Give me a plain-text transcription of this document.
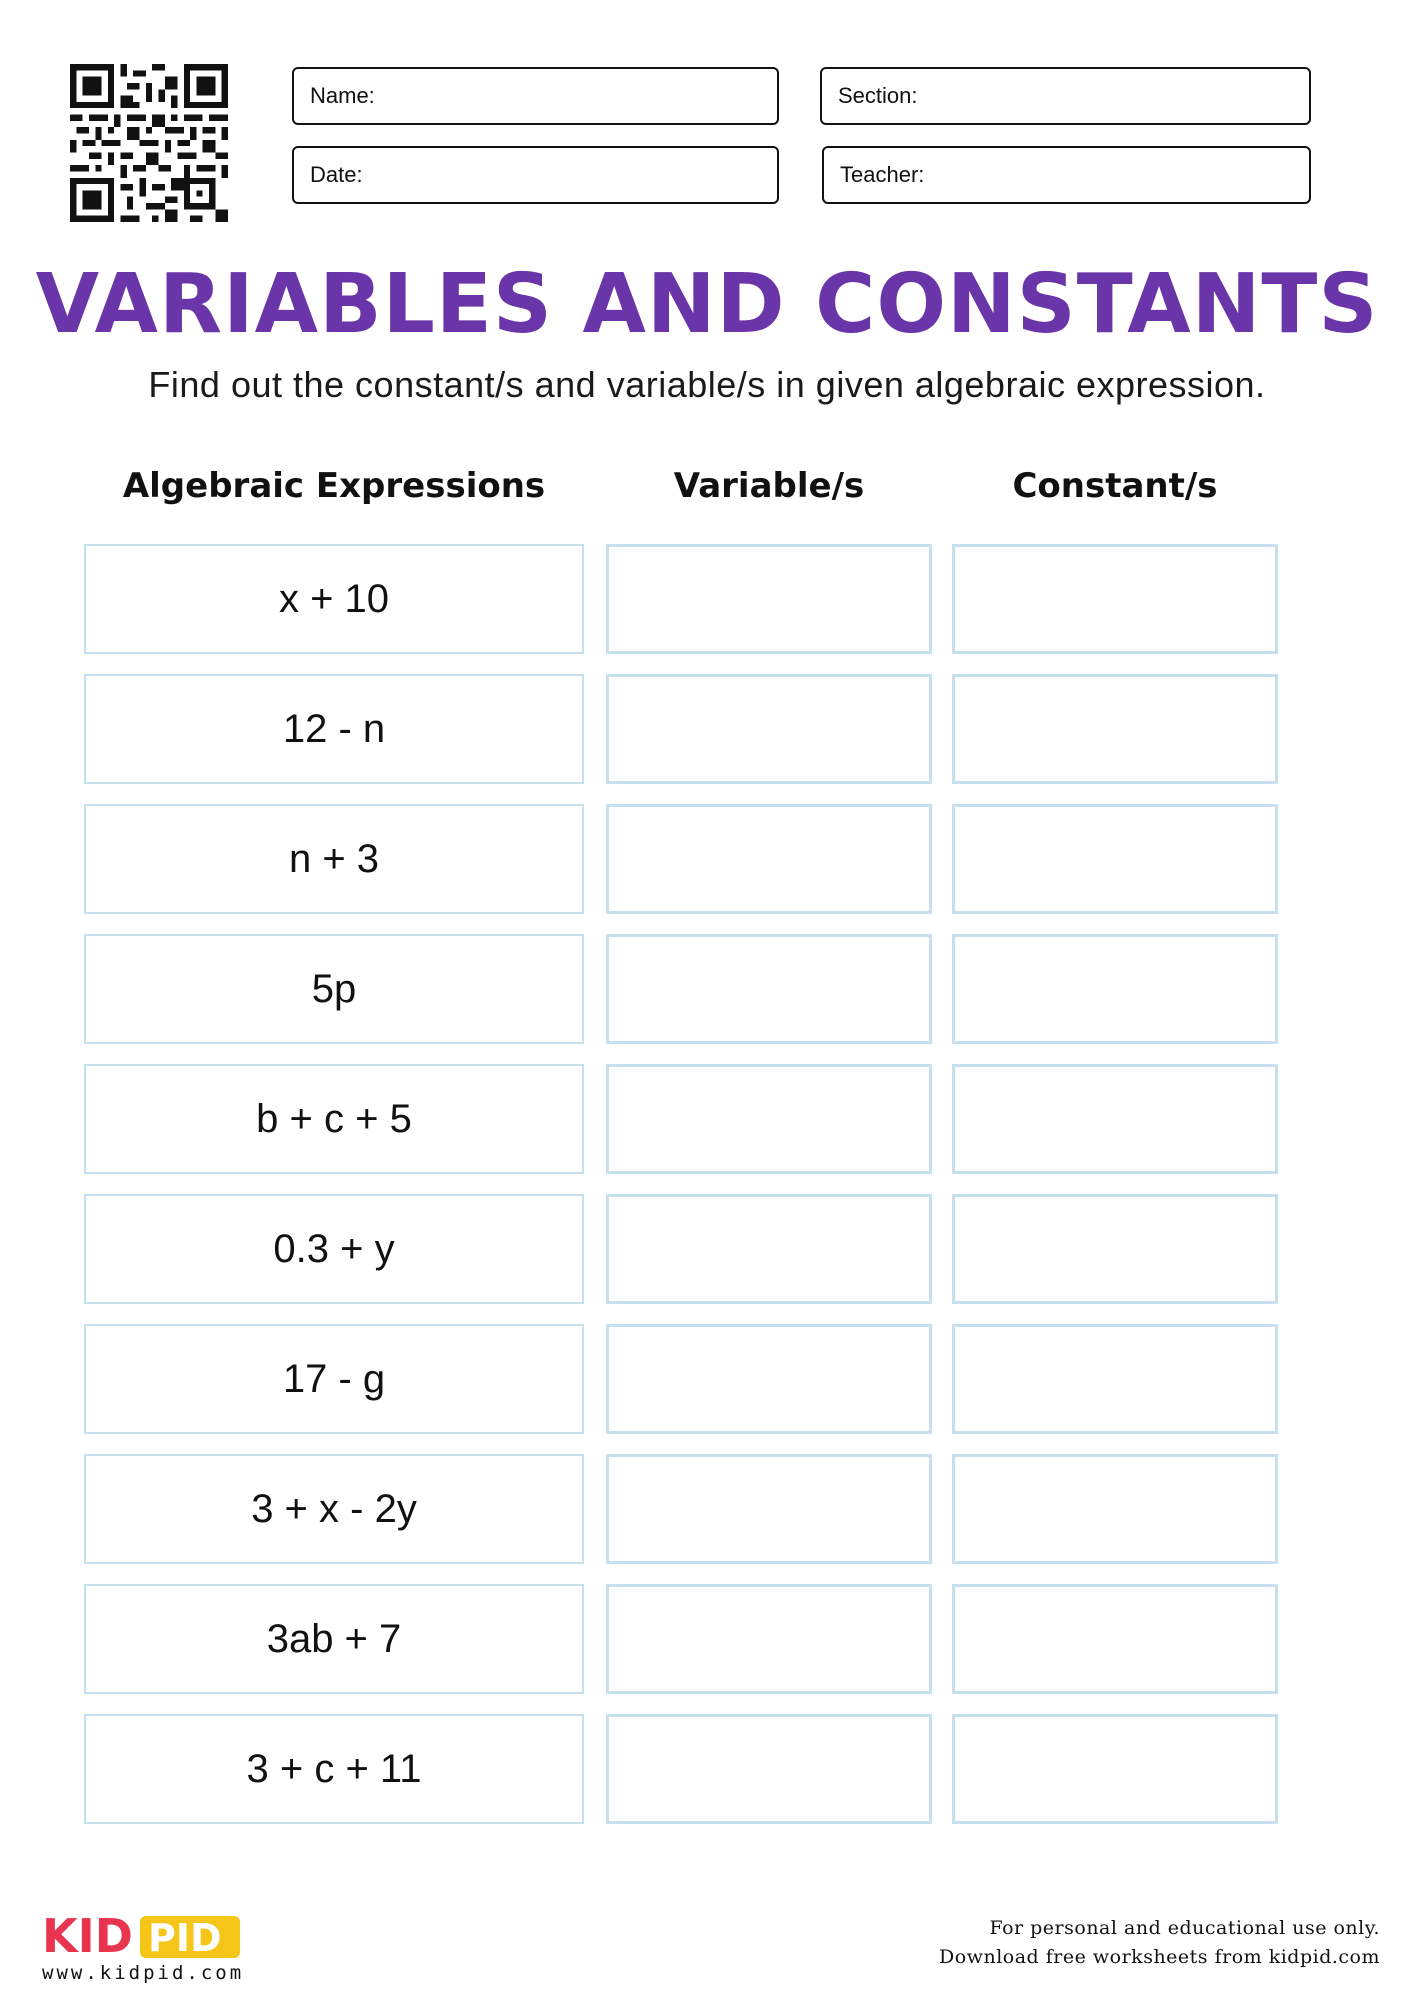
Name:	Section:
Date:	Teacher:
VARIABLES AND CONSTANTS
Find out the constant/s and variable/s in given algebraic expression.
Algebraic Expressions	Variable/s	Constant/s
x + 10
12 - n
n + 3
5p
b + c + 5
0.3 + y
17 - g
3 + x - 2y
3ab + 7
3 + c + 11
KID PID
www.kidpid.com
For personal and educational use only.
Download free worksheets from kidpid.com
